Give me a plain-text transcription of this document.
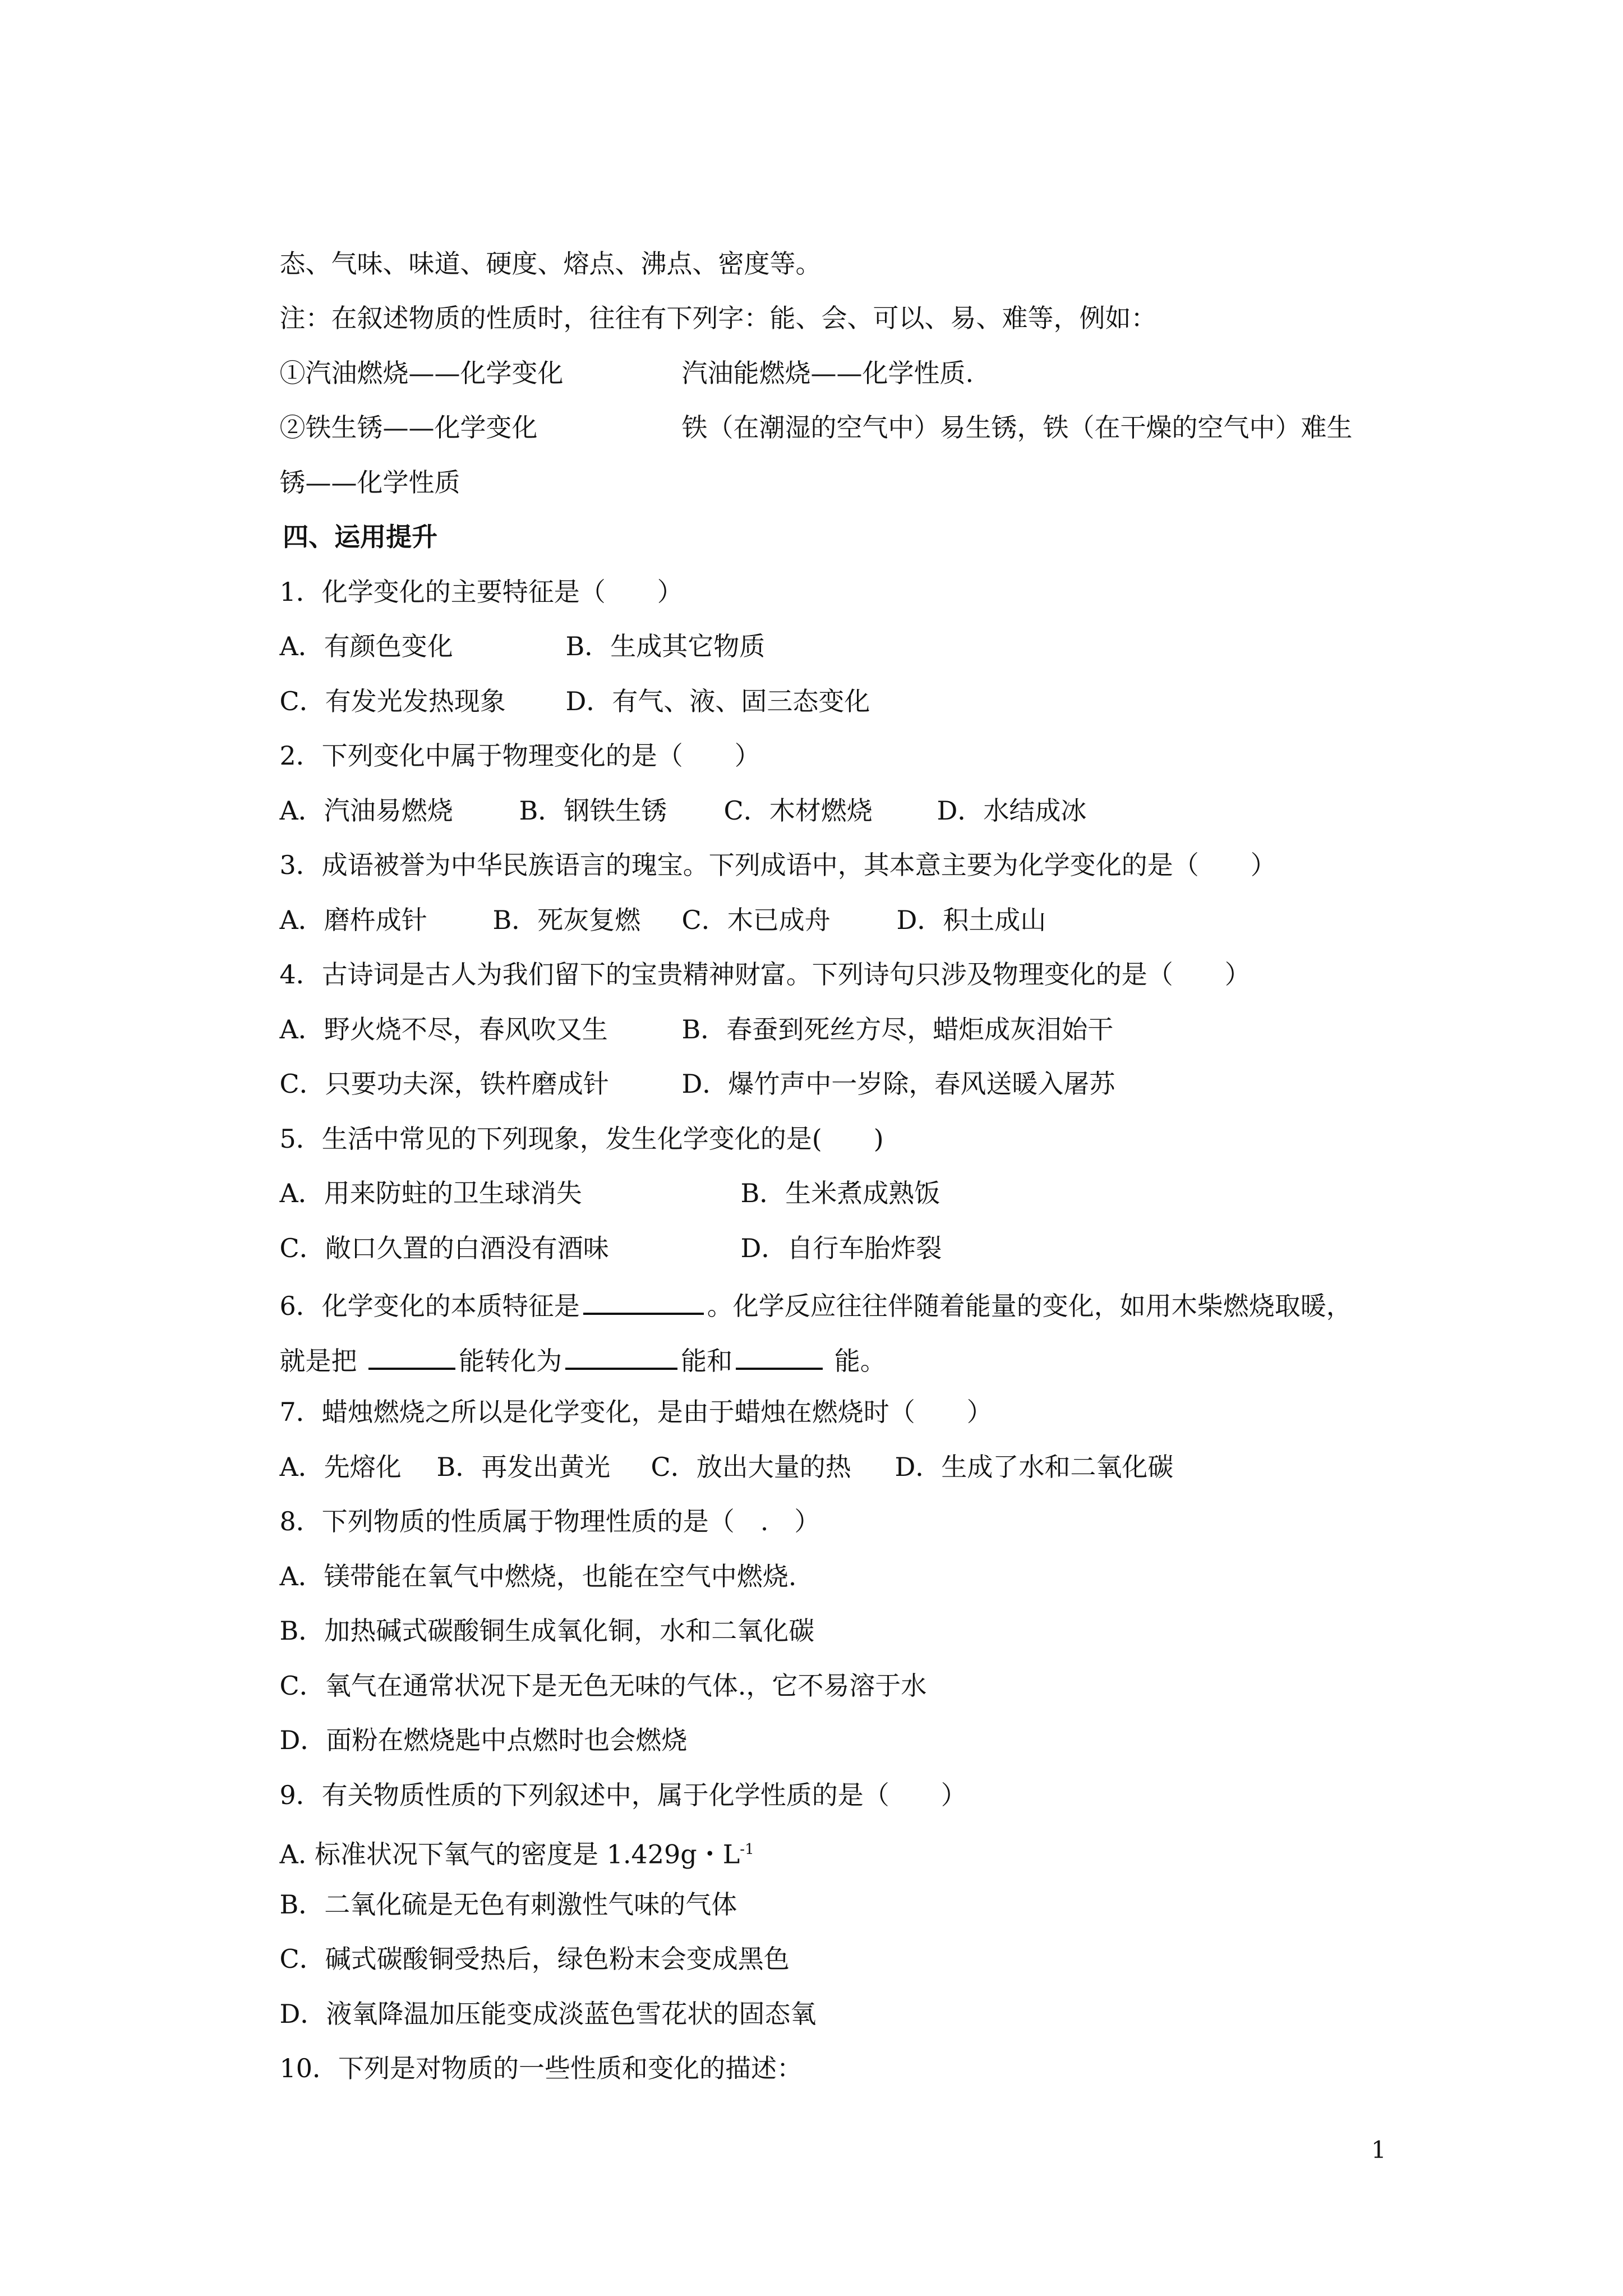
态、气味、味道、硬度、熔点、沸点、密度等。

注：在叙述物质的性质时，往往有下列字：能、会、可以、易、难等，例如：

①汽油燃烧——化学变化
	汽油能燃烧——化学性质.

②铁生锈——化学变化
	铁（在潮湿的空气中）易生锈，铁（在干燥的空气中）难生

锈——化学性质

四、运用提升

1．化学变化的主要特征是（　　）

A．有颜色变化
	B．生成其它物质

C．有发光发热现象
	D．有气、液、固三态变化

2．下列变化中属于物理变化的是（　　）

A．汽油易燃烧
	B．钢铁生锈
	C．木材燃烧
	D．水结成冰

3．成语被誉为中华民族语言的瑰宝。下列成语中，其本意主要为化学变化的是（　　）

A．磨杵成针
	B．死灰复燃
	C．木已成舟
	D．积土成山

4．古诗词是古人为我们留下的宝贵精神财富。下列诗句只涉及物理变化的是（　　）

A．野火烧不尽，春风吹又生
	B．春蚕到死丝方尽，蜡炬成灰泪始干

C．只要功夫深，铁杵磨成针
	D．爆竹声中一岁除，春风送暖入屠苏

5．生活中常见的下列现象，发生化学变化的是(　　)

A．用来防蛀的卫生球消失
	B．生米煮成熟饭

C．敞口久置的白酒没有酒味
	D．自行车胎炸裂

6．化学变化的本质特征是	。化学反应往往伴随着能量的变化，如用木柴燃烧取暖，

就是把	能转化为	能和	能。

7．蜡烛燃烧之所以是化学变化，是由于蜡烛在燃烧时（　　）

A．先熔化
	B．再发出黄光
	C．放出大量的热
	D．生成了水和二氧化碳

8．下列物质的性质属于物理性质的是（　.　）

A．镁带能在氧气中燃烧，也能在空气中燃烧.

B．加热碱式碳酸铜生成氧化铜，水和二氧化碳

C．氧气在通常状况下是无色无味的气体.，它不易溶于水

D．面粉在燃烧匙中点燃时也会燃烧

9．有关物质性质的下列叙述中，属于化学性质的是（　　）

A. 标准状况下氧气的密度是 1.429g・$L^{-1}$

B．二氧化硫是无色有刺激性气味的气体

C．碱式碳酸铜受热后，绿色粉末会变成黑色

D．液氧降温加压能变成淡蓝色雪花状的固态氧

10．下列是对物质的一些性质和变化的描述：

1
